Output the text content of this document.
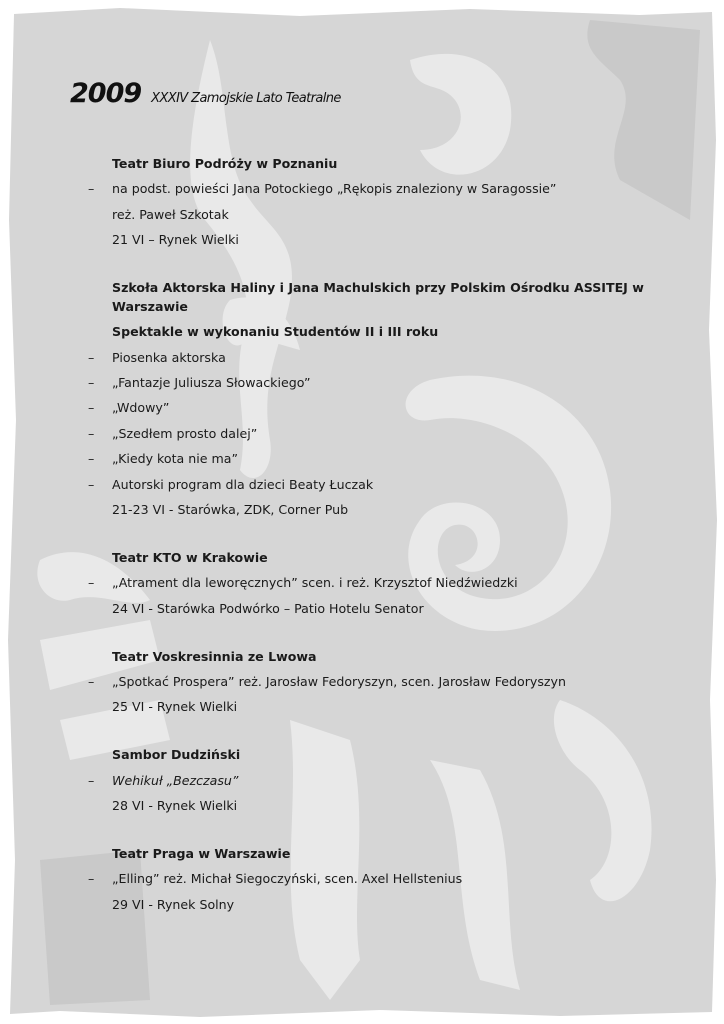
2009 XXXIV Zamojskie Lato Teatralne
Teatr Biuro Podróży w Poznaniu
–	na podst. powieści Jana Potockiego „Rękopis znaleziony w Saragossie”
reż. Paweł Szkotak
21 VI – Rynek Wielki
Szkoła Aktorska Haliny i Jana Machulskich przy Polskim Ośrodku ASSITEJ w Warszawie
Spektakle w wykonaniu Studentów II i III roku
–	Piosenka aktorska
–	„Fantazje Juliusza Słowackiego”
–	„Wdowy”
–	„Szedłem prosto dalej”
–	„Kiedy kota nie ma”
–	Autorski program dla dzieci Beaty Łuczak
21-23 VI - Starówka, ZDK, Corner Pub
Teatr KTO w Krakowie
–	„Atrament dla leworęcznych” scen. i reż. Krzysztof Niedźwiedzki
24 VI - Starówka Podwórko – Patio Hotelu Senator
Teatr Voskresinnia ze Lwowa
–	„Spotkać Prospera” reż. Jarosław Fedoryszyn, scen. Jarosław Fedoryszyn
25 VI - Rynek Wielki
Sambor Dudziński
–	Wehikuł „Bezczasu”
28 VI - Rynek Wielki
Teatr Praga w Warszawie
–	„Elling” reż. Michał Siegoczyński, scen. Axel Hellstenius
29 VI - Rynek Solny
